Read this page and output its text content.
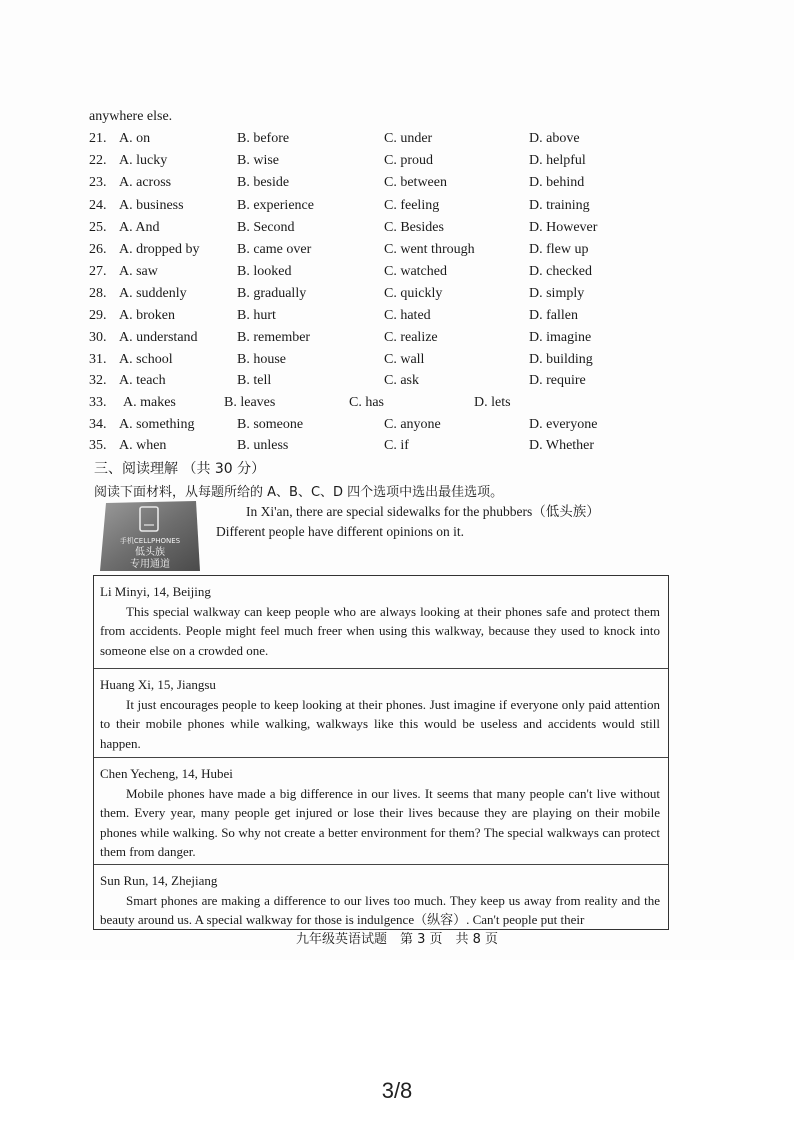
anywhere else.
21. A. on	B. before	C. under	D. above
22. A. lucky	B. wise	C. proud	D. helpful
23. A. across	B. beside	C. between	D. behind
24. A. business	B. experience	C. feeling	D. training
25. A. And	B. Second	C. Besides	D. However
26. A. dropped by	B. came over	C. went through	D. flew up
27. A. saw	B. looked	C. watched	D. checked
28. A. suddenly	B. gradually	C. quickly	D. simply
29. A. broken	B. hurt	C. hated	D. fallen
30. A. understand	B. remember	C. realize	D. imagine
31. A. school	B. house	C. wall	D. building
32. A. teach	B. tell	C. ask	D. require
33. A. makes	B. leaves	C. has	D. lets
34. A. something	B. someone	C. anyone	D. everyone
35. A. when	B. unless	C. if	D. Whether
三、阅读理解 （共 30 分）
阅读下面材料，从每题所给的 A、B、C、D 四个选项中选出最佳选项。
手机CELLPHONES
低头族
专用通道
In Xi'an, there are special sidewalks for the phubbers（低头族）
Different people have different opinions on it.
Li Minyi, 14, Beijing
This special walkway can keep people who are always looking at their phones safe and protect them from accidents. People might feel much freer when using this walkway, because they used to knock into someone else on a crowded one.
Huang Xi, 15, Jiangsu
It just encourages people to keep looking at their phones. Just imagine if everyone only paid attention to their mobile phones while walking, walkways like this would be useless and accidents would still happen.
Chen Yecheng, 14, Hubei
Mobile phones have made a big difference in our lives. It seems that many people can't live without them. Every year, many people get injured or lose their lives because they are playing on their mobile phones while walking. So why not create a better environment for them? The special walkways can protect them from danger.
Sun Run, 14, Zhejiang
Smart phones are making a difference to our lives too much. They keep us away from reality and the beauty around us. A special walkway for those is indulgence（纵容）. Can't people put their
九年级英语试题　第 3 页　共 8 页
3/8
